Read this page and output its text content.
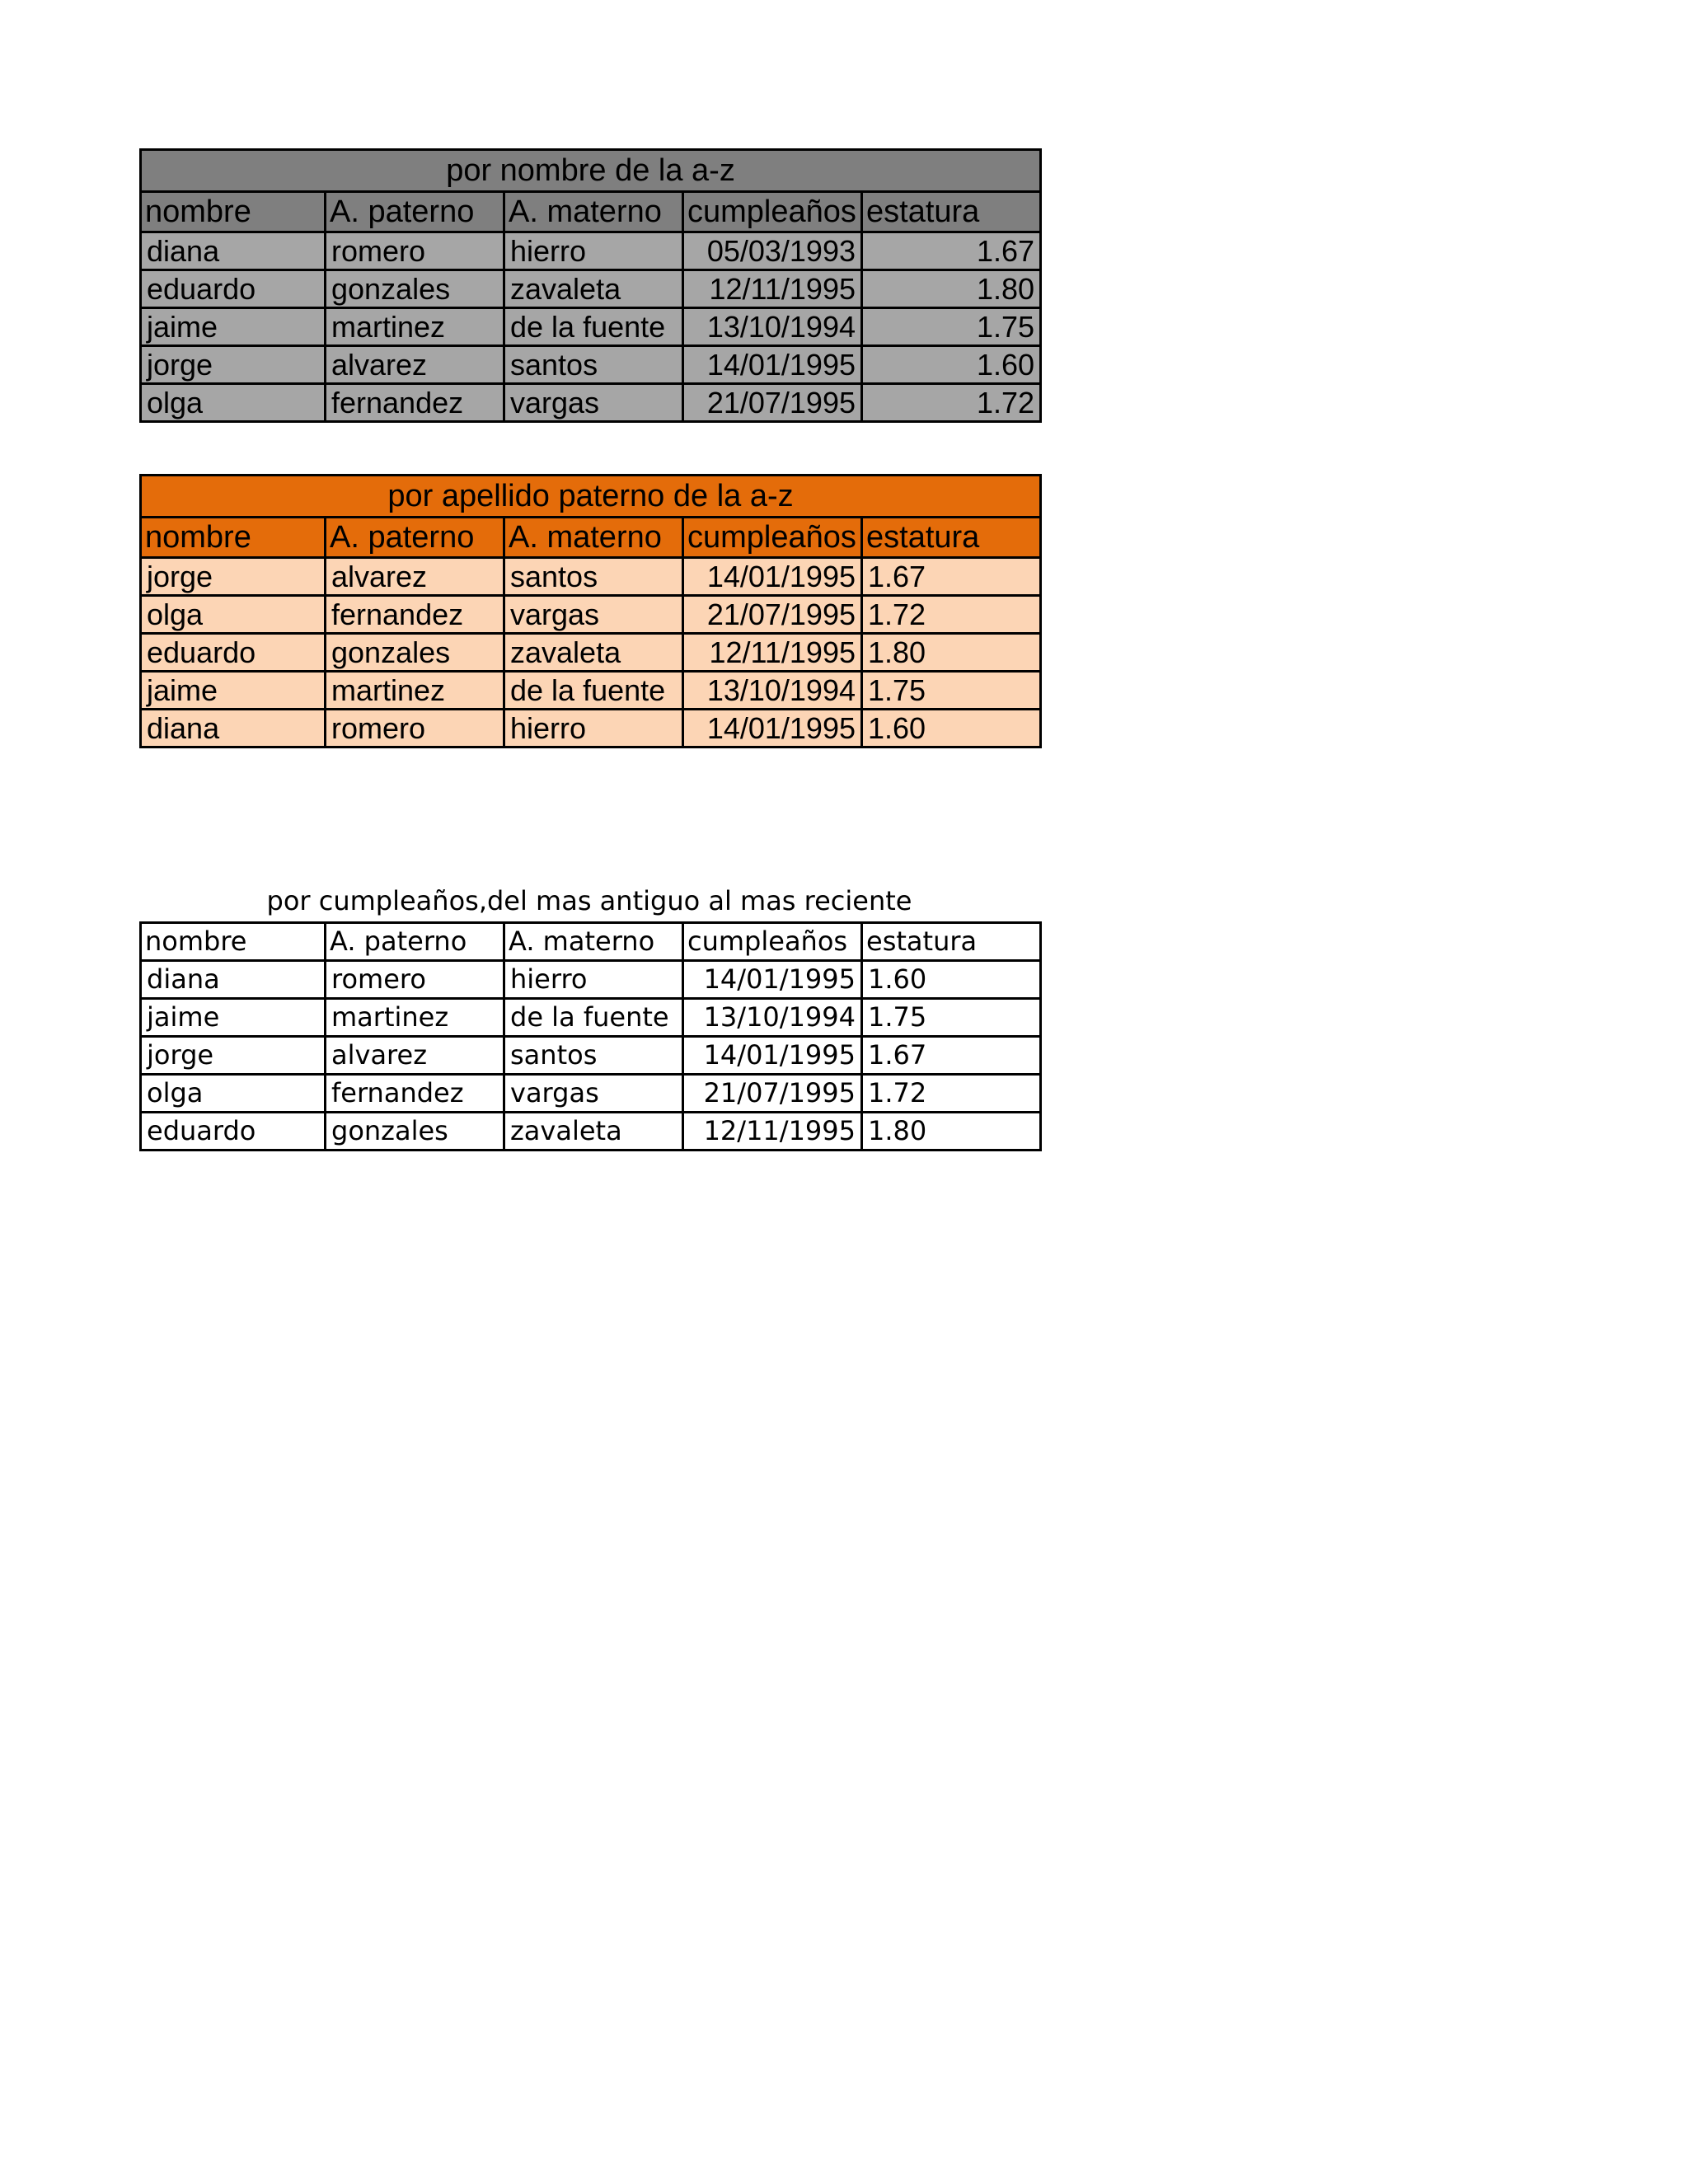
por nombre de la a-z				
nombre	A. paterno	A. materno	cumpleaños	estatura
diana	romero	hierro	05/03/1993	1.67
eduardo	gonzales	zavaleta	12/11/1995	1.80
jaime	martinez	de la fuente	13/10/1994	1.75
jorge	alvarez	santos	14/01/1995	1.60
olga	fernandez	vargas	21/07/1995	1.72
por apellido paterno de la a-z				
nombre	A. paterno	A. materno	cumpleaños	estatura
jorge	alvarez	santos	14/01/1995	1.67
olga	fernandez	vargas	21/07/1995	1.72
eduardo	gonzales	zavaleta	12/11/1995	1.80
jaime	martinez	de la fuente	13/10/1994	1.75
diana	romero	hierro	14/01/1995	1.60
por cumpleaños,del mas antiguo al mas reciente
nombre	A. paterno	A. materno	cumpleaños	estatura
diana	romero	hierro	14/01/1995	1.60
jaime	martinez	de la fuente	13/10/1994	1.75
jorge	alvarez	santos	14/01/1995	1.67
olga	fernandez	vargas	21/07/1995	1.72
eduardo	gonzales	zavaleta	12/11/1995	1.80
